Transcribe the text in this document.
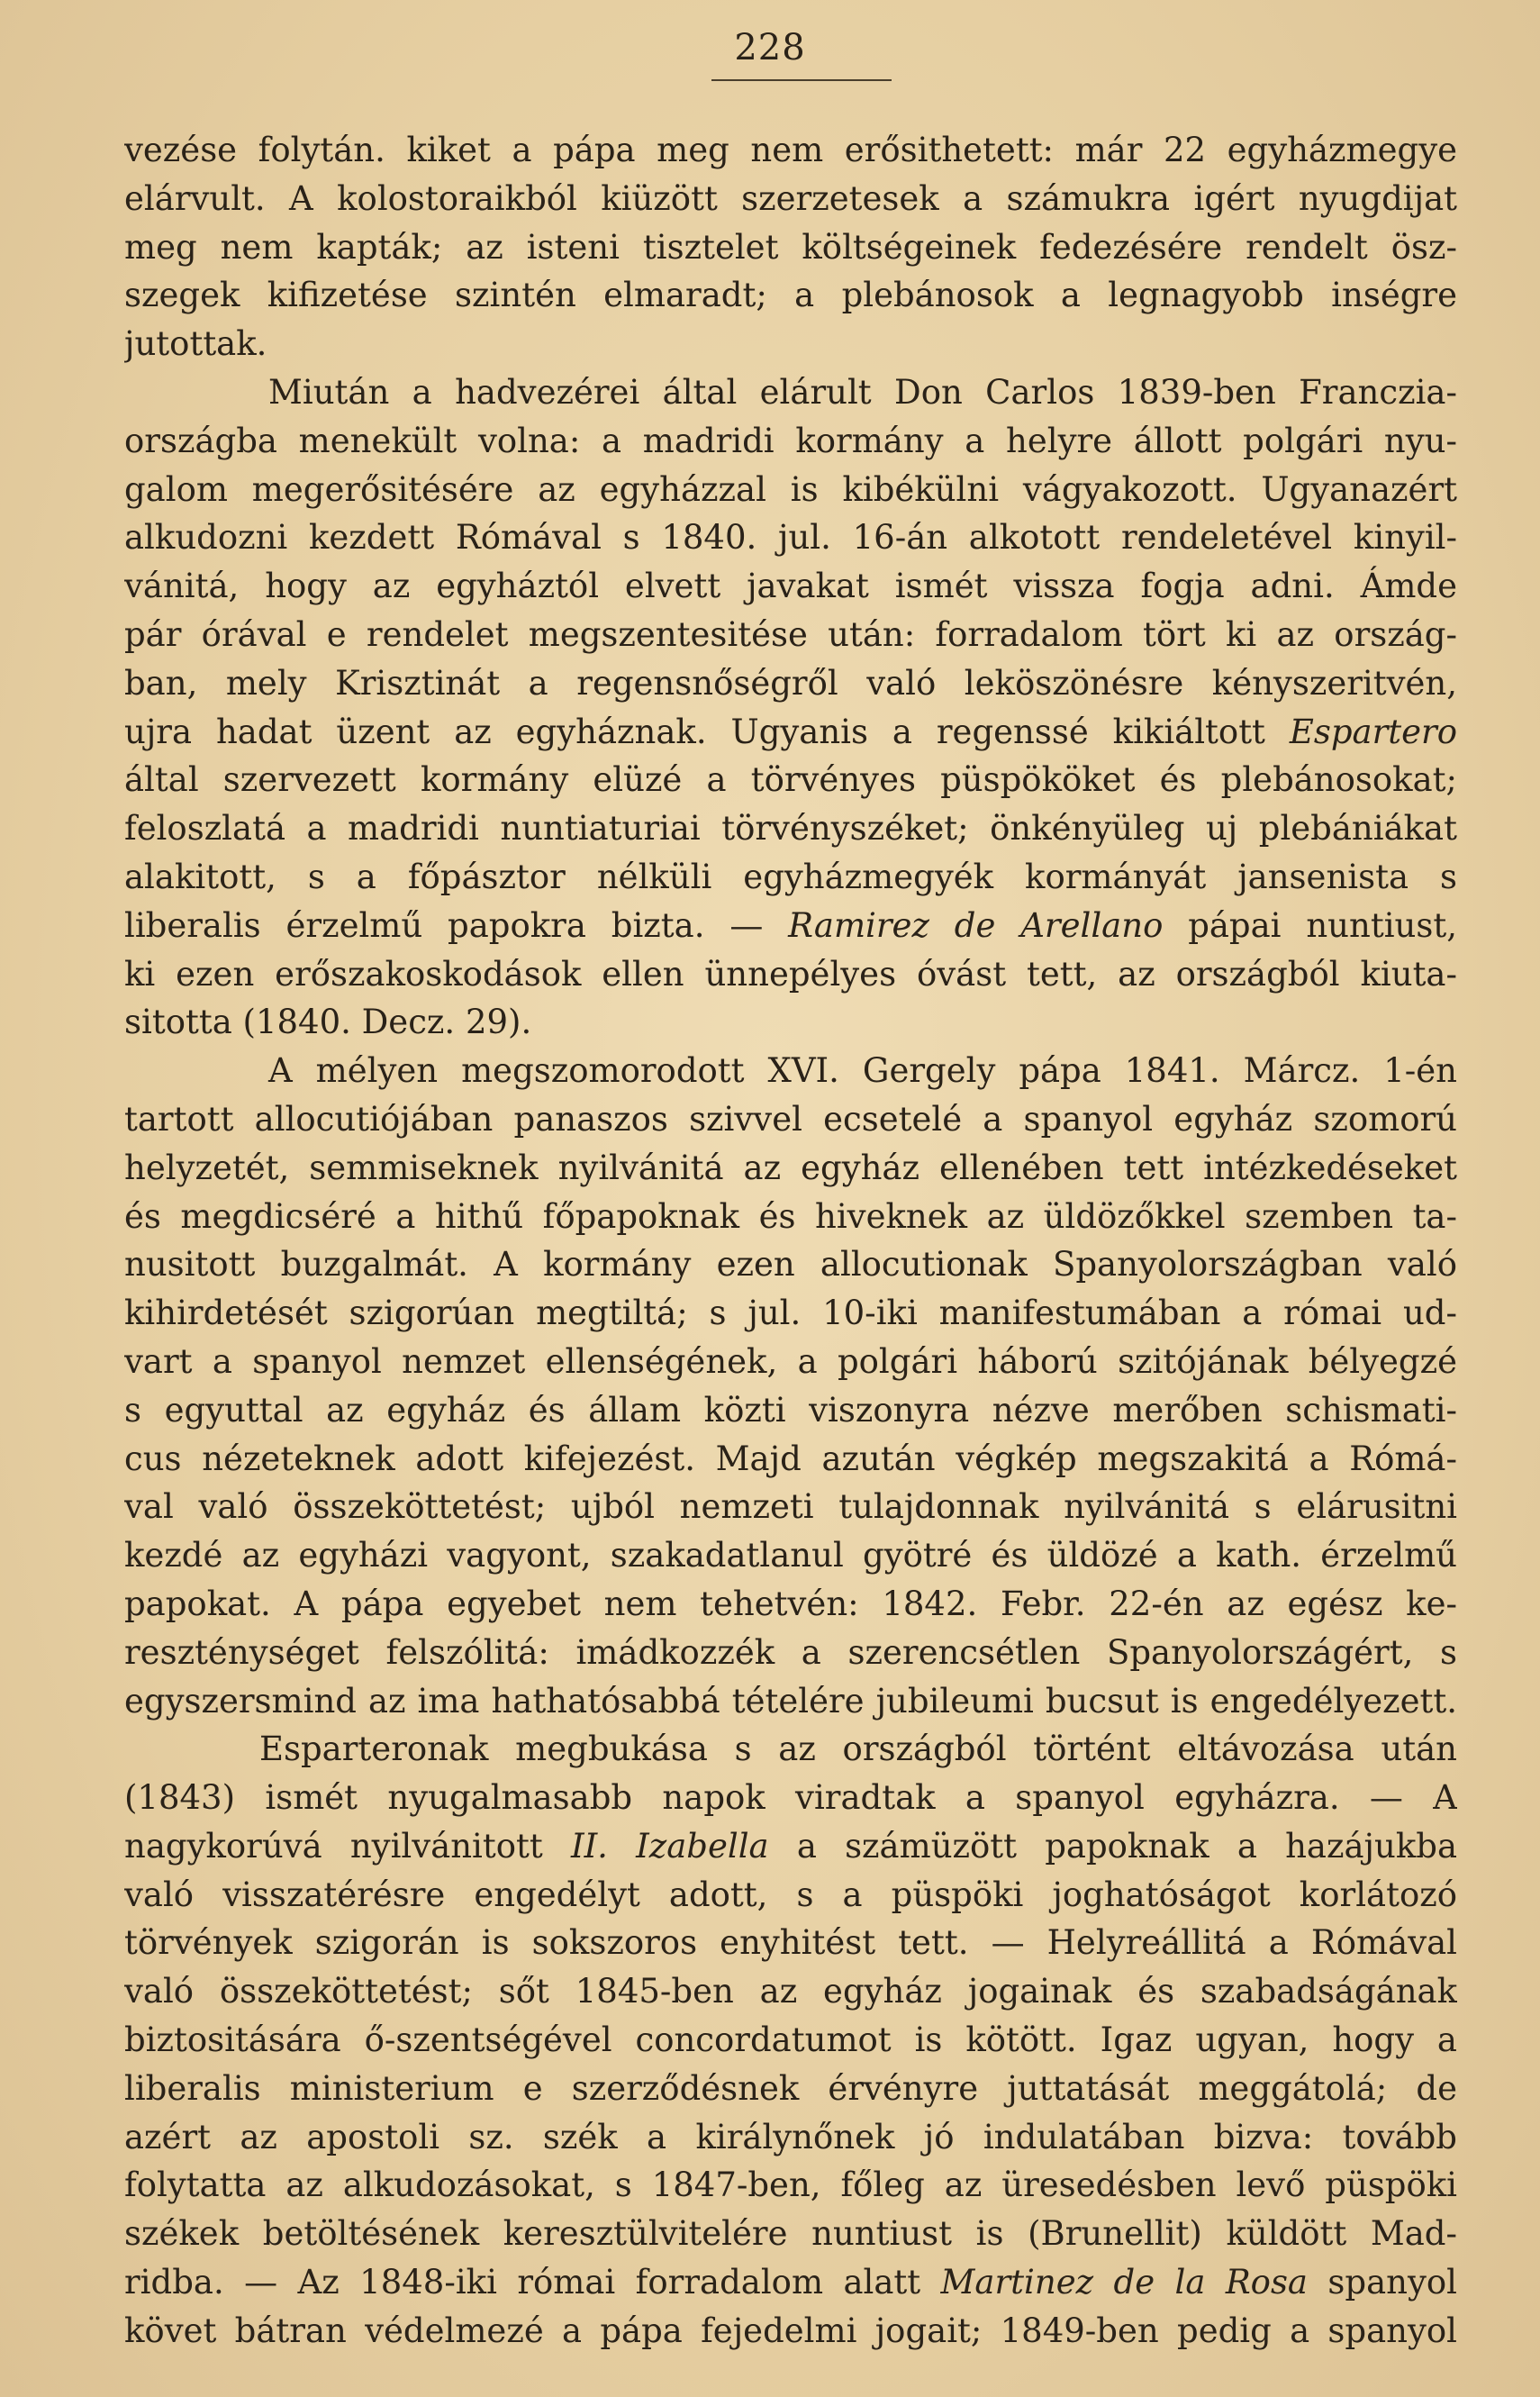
228
vezése folytán. kiket a pápa meg nem erősithetett: már 22 egyházmegye
elárvult. A kolostoraikból kiüzött szerzetesek a számukra igért nyugdijat
meg nem kapták; az isteni tisztelet költségeinek fedezésére rendelt ösz-
szegek kifizetése szintén elmaradt; a plebánosok a legnagyobb inségre
jutottak.
Miután a hadvezérei által elárult Don Carlos 1839-ben Franczia-
országba menekült volna: a madridi kormány a helyre állott polgári nyu-
galom megerősitésére az egyházzal is kibékülni vágyakozott. Ugyanazért
alkudozni kezdett Rómával s 1840. jul. 16-án alkotott rendeletével kinyil-
vánitá, hogy az egyháztól elvett javakat ismét vissza fogja adni. Ámde
pár órával e rendelet megszentesitése után: forradalom tört ki az ország-
ban, mely Krisztinát a regensnőségről való leköszönésre kényszeritvén,
ujra hadat üzent az egyháznak. Ugyanis a regenssé kikiáltott Espartero
által szervezett kormány elüzé a törvényes püspököket és plebánosokat;
feloszlatá a madridi nuntiaturiai törvényszéket; önkényüleg uj plebániákat
alakitott, s a főpásztor nélküli egyházmegyék kormányát jansenista s
liberalis érzelmű papokra bizta. — Ramirez de Arellano pápai nuntiust,
ki ezen erőszakoskodások ellen ünnepélyes óvást tett, az országból kiuta-
sitotta (1840. Decz. 29).
A mélyen megszomorodott XVI. Gergely pápa 1841. Márcz. 1-én
tartott allocutiójában panaszos szivvel ecsetelé a spanyol egyház szomorú
helyzetét, semmiseknek nyilvánitá az egyház ellenében tett intézkedéseket
és megdicséré a hithű főpapoknak és hiveknek az üldözőkkel szemben ta-
nusitott buzgalmát. A kormány ezen allocutionak Spanyolországban való
kihirdetését szigorúan megtiltá; s jul. 10-iki manifestumában a római ud-
vart a spanyol nemzet ellenségének, a polgári háború szitójának bélyegzé
s egyuttal az egyház és állam közti viszonyra nézve merőben schismati-
cus nézeteknek adott kifejezést. Majd azután végkép megszakitá a Rómá-
val való összeköttetést; ujból nemzeti tulajdonnak nyilvánitá s elárusitni
kezdé az egyházi vagyont, szakadatlanul gyötré és üldözé a kath. érzelmű
papokat. A pápa egyebet nem tehetvén: 1842. Febr. 22-én az egész ke-
reszténységet felszólitá: imádkozzék a szerencsétlen Spanyolországért, s
egyszersmind az ima hathatósabbá tételére jubileumi bucsut is engedélyezett.
Esparteronak megbukása s az országból történt eltávozása után
(1843) ismét nyugalmasabb napok viradtak a spanyol egyházra. — A
nagykorúvá nyilvánitott II. Izabella a számüzött papoknak a hazájukba
való visszatérésre engedélyt adott, s a püspöki joghatóságot korlátozó
törvények szigorán is sokszoros enyhitést tett. — Helyreállitá a Rómával
való összeköttetést; sőt 1845-ben az egyház jogainak és szabadságának
biztositására ő-szentségével concordatumot is kötött. Igaz ugyan, hogy a
liberalis ministerium e szerződésnek érvényre juttatását meggátolá; de
azért az apostoli sz. szék a királynőnek jó indulatában bizva: tovább
folytatta az alkudozásokat, s 1847-ben, főleg az üresedésben levő püspöki
székek betöltésének keresztülvitelére nuntiust is (Brunellit) küldött Mad-
ridba. — Az 1848-iki római forradalom alatt Martinez de la Rosa spanyol
követ bátran védelmezé a pápa fejedelmi jogait; 1849-ben pedig a spanyol
